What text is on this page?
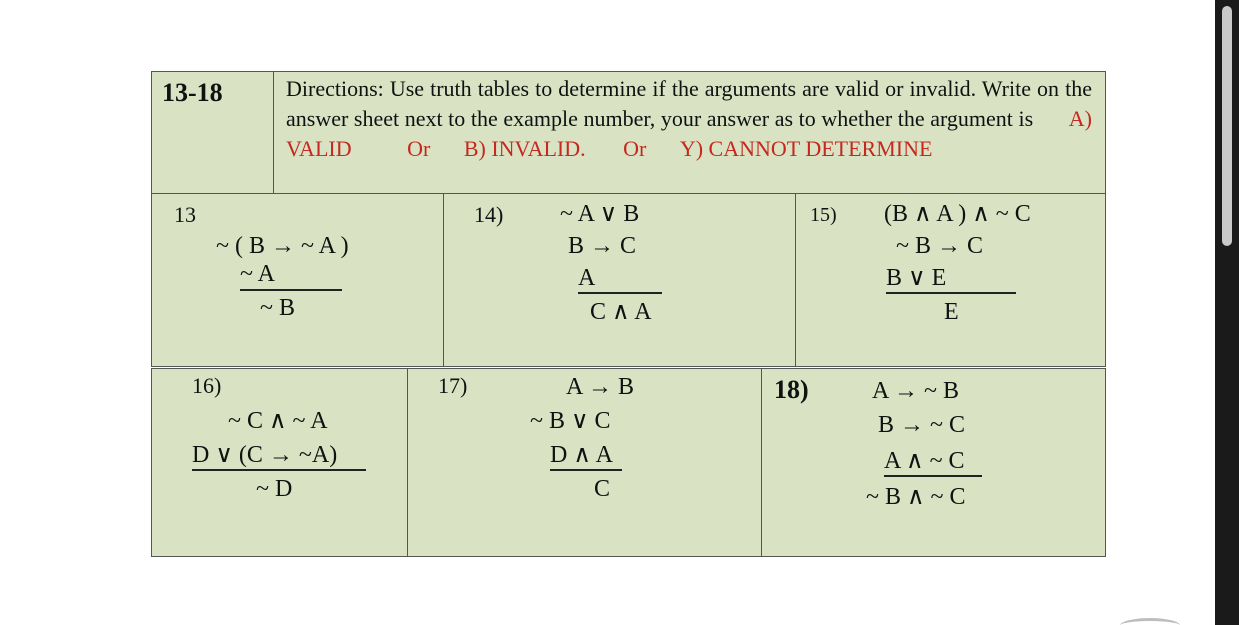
13-18	Directions: Use truth tables to determine if the arguments are valid or invalid. Write on the answer sheet next to the example number, your answer as to whether the argument is A) VALID	Or B) INVALID. Or Y) CANNOT DETERMINE
13
~ ( B → ~ A )
~ A
~ B
14) ~ A ∨ B
B → C
A
C ∧ A
15) (B ∧ A ) ∧ ~ C
~ B → C
B ∨ E
E
16)
~ C ∧ ~ A
D ∨ (C → ~A)
~ D
17)	A → B
~ B ∨ C
D ∧ A
C
18)	A → ~ B
B → ~ C
A ∧ ~ C
~ B ∧ ~ C
